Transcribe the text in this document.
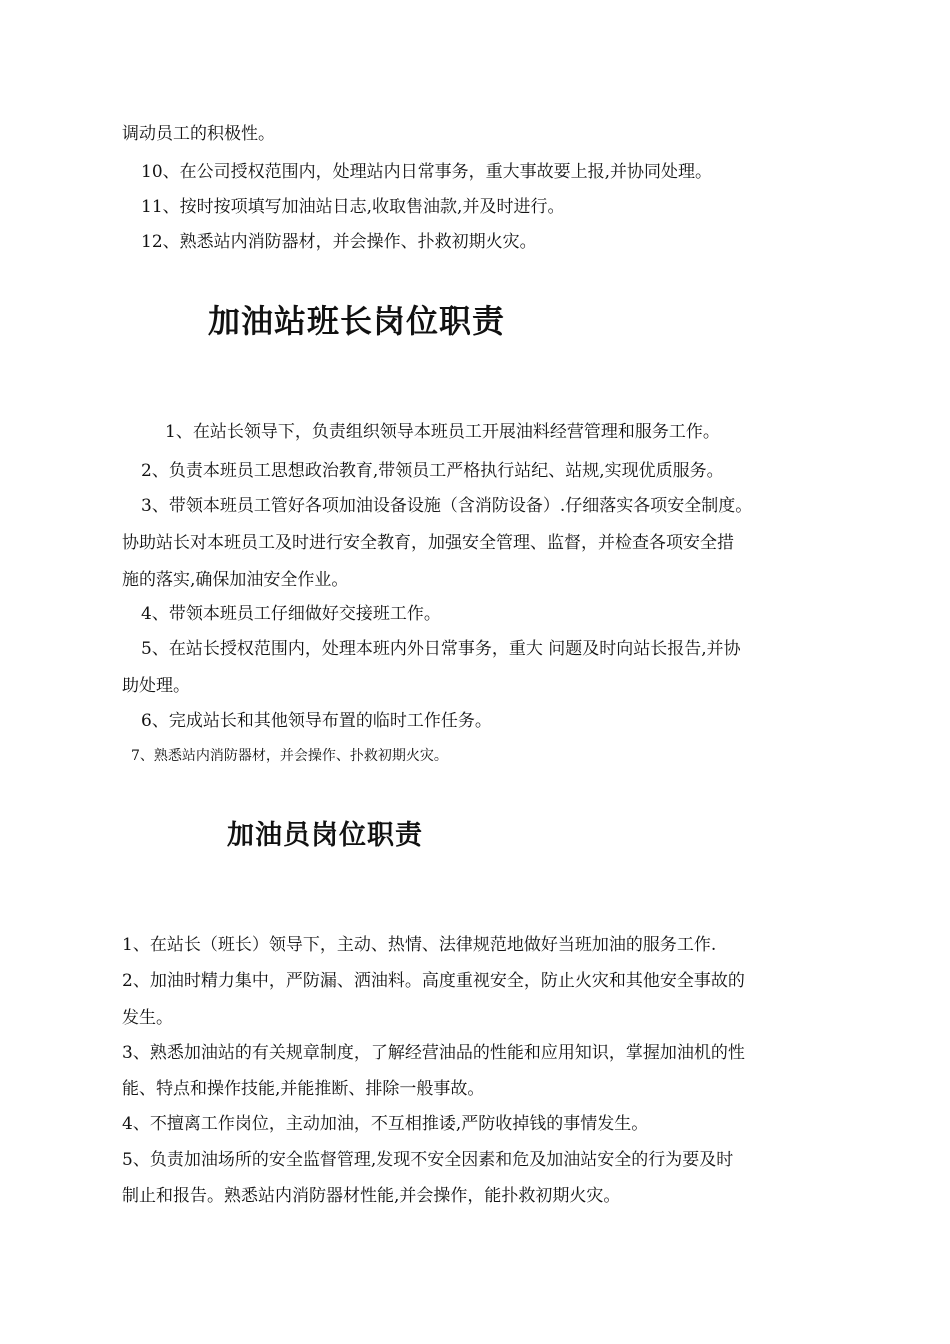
调动员工的积极性。
10、在公司授权范围内，处理站内日常事务，重大事故要上报,并协同处理。
11、按时按项填写加油站日志,收取售油款,并及时进行。
12、熟悉站内消防器材，并会操作、扑救初期火灾。
加油站班长岗位职责
1、在站长领导下，负责组织领导本班员工开展油料经营管理和服务工作。
2、负责本班员工思想政治教育,带领员工严格执行站纪、站规,实现优质服务。
3、带领本班员工管好各项加油设备设施（含消防设备）.仔细落实各项安全制度。
协助站长对本班员工及时进行安全教育，加强安全管理、监督，并检查各项安全措
施的落实,确保加油安全作业。
4、带领本班员工仔细做好交接班工作。
5、在站长授权范围内，处理本班内外日常事务，重大 问题及时向站长报告,并协
助处理。
6、完成站长和其他领导布置的临时工作任务。
7、熟悉站内消防器材，并会操作、扑救初期火灾。
加油员岗位职责
1、在站长（班长）领导下，主动、热情、法律规范地做好当班加油的服务工作.
2、加油时精力集中，严防漏、洒油料。高度重视安全，防止火灾和其他安全事故的
发生。
3、熟悉加油站的有关规章制度，了解经营油品的性能和应用知识，掌握加油机的性
能、特点和操作技能,并能推断、排除一般事故。
4、不擅离工作岗位，主动加油，不互相推诿,严防收掉钱的事情发生。
5、负责加油场所的安全监督管理,发现不安全因素和危及加油站安全的行为要及时
制止和报告。熟悉站内消防器材性能,并会操作，能扑救初期火灾。
